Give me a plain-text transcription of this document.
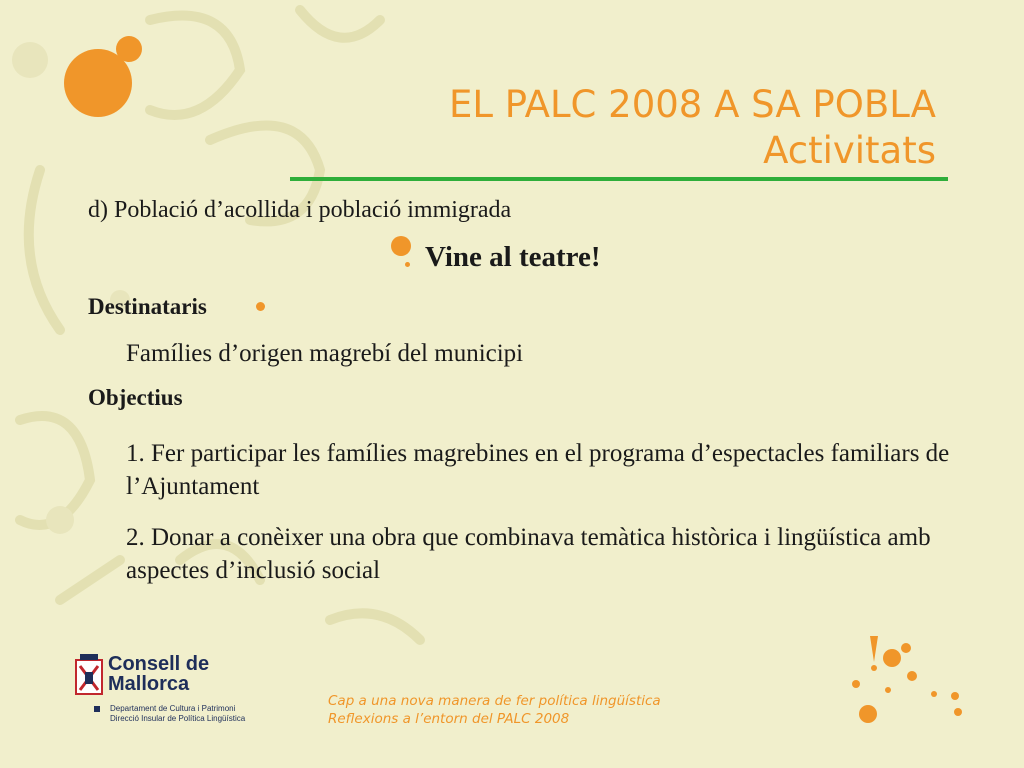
EL PALC 2008 A SA POBLA
Activitats
d) Població d’acollida i població immigrada
Vine al teatre!
Destinataris
Famílies d’origen magrebí del municipi
Objectius
1. Fer participar les famílies magrebines en el programa d’espectacles familiars de l’Ajuntament
2. Donar a conèixer una obra que combinava temàtica històrica i lingüística amb aspectes d’inclusió social
Consell de
Mallorca
Departament de Cultura i Patrimoni
Direcció Insular de Política Lingüística
Cap a una nova manera de fer política lingüística
Reflexions a l’entorn del PALC 2008
